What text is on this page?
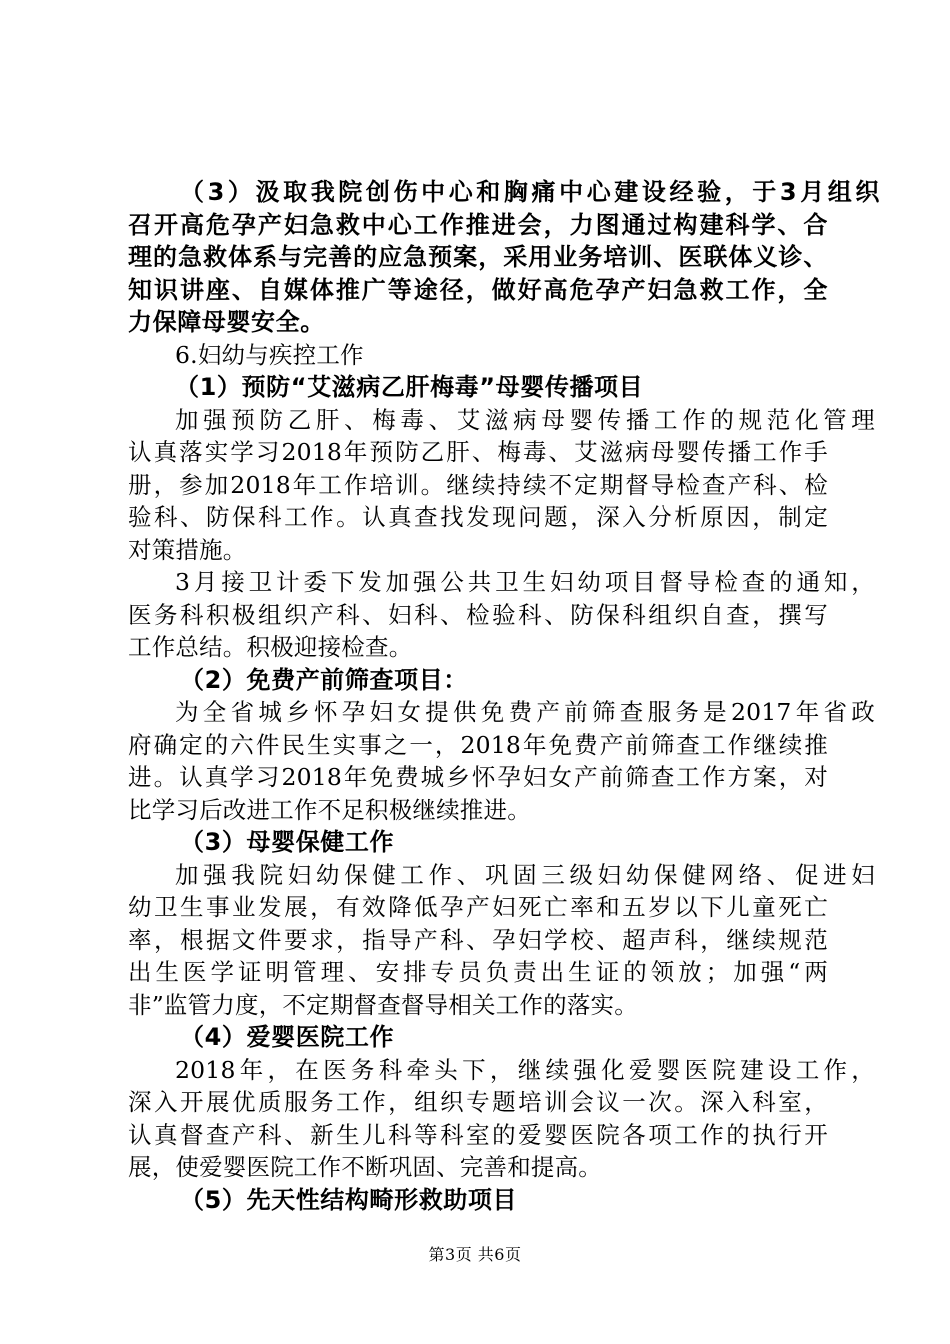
（3）汲取我院创伤中心和胸痛中心建设经验，于3月组织
召开高危孕产妇急救中心工作推进会，力图通过构建科学、合
理的急救体系与完善的应急预案，采用业务培训、医联体义诊、
知识讲座、自媒体推广等途径，做好高危孕产妇急救工作，全
力保障母婴安全。
6.妇幼与疾控工作
（1）预防“艾滋病乙肝梅毒”母婴传播项目
加强预防乙肝、梅毒、艾滋病母婴传播工作的规范化管理
认真落实学习2018年预防乙肝、梅毒、艾滋病母婴传播工作手
册，参加2018年工作培训。继续持续不定期督导检查产科、检
验科、防保科工作。认真查找发现问题，深入分析原因，制定
对策措施。
3月接卫计委下发加强公共卫生妇幼项目督导检查的通知，
医务科积极组织产科、妇科、检验科、防保科组织自查，撰写
工作总结。积极迎接检查。
（2）免费产前筛查项目：
为全省城乡怀孕妇女提供免费产前筛查服务是2017年省政
府确定的六件民生实事之一，2018年免费产前筛查工作继续推
进。认真学习2018年免费城乡怀孕妇女产前筛查工作方案，对
比学习后改进工作不足积极继续推进。
（3）母婴保健工作
加强我院妇幼保健工作、巩固三级妇幼保健网络、促进妇
幼卫生事业发展，有效降低孕产妇死亡率和五岁以下儿童死亡
率，根据文件要求，指导产科、孕妇学校、超声科，继续规范
出生医学证明管理、安排专员负责出生证的领放；加强“两
非”监管力度，不定期督查督导相关工作的落实。
（4）爱婴医院工作
2018年，在医务科牵头下，继续强化爱婴医院建设工作，
深入开展优质服务工作，组织专题培训会议一次。深入科室，
认真督查产科、新生儿科等科室的爱婴医院各项工作的执行开
展，使爱婴医院工作不断巩固、完善和提高。
（5）先天性结构畸形救助项目
第3页 共6页
